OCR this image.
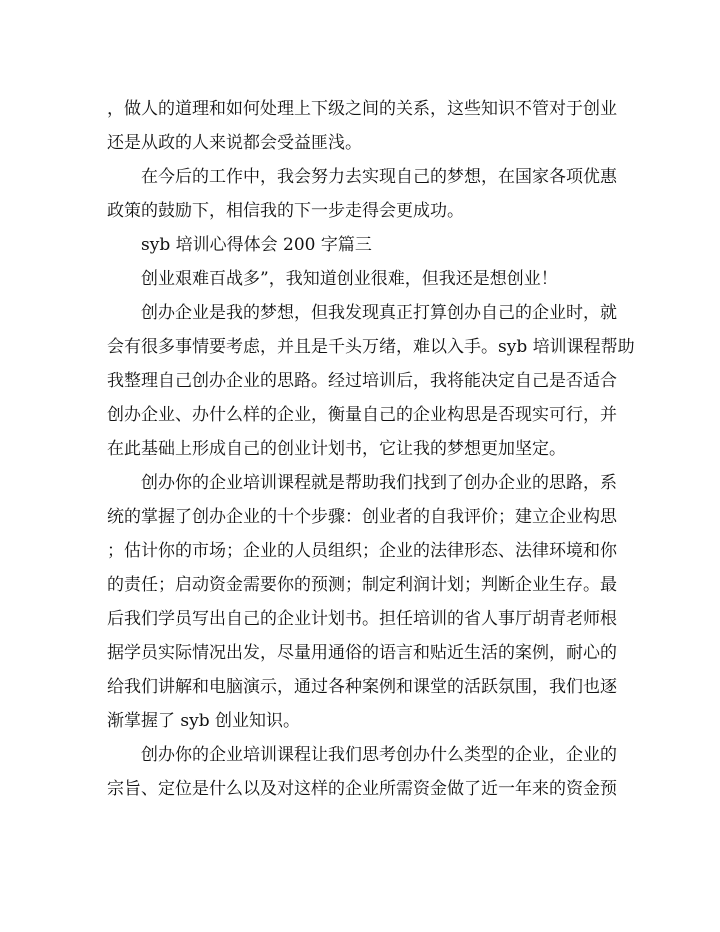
，做人的道理和如何处理上下级之间的关系，这些知识不管对于创业
还是从政的人来说都会受益匪浅。
在今后的工作中，我会努力去实现自己的梦想，在国家各项优惠
政策的鼓励下，相信我的下一步走得会更成功。
syb 培训心得体会 200 字篇三
创业艰难百战多”，我知道创业很难，但我还是想创业！
创办企业是我的梦想，但我发现真正打算创办自己的企业时，就
会有很多事情要考虑，并且是千头万绪，难以入手。syb 培训课程帮助
我整理自己创办企业的思路。经过培训后，我将能决定自己是否适合
创办企业、办什么样的企业，衡量自己的企业构思是否现实可行，并
在此基础上形成自己的创业计划书，它让我的梦想更加坚定。
创办你的企业培训课程就是帮助我们找到了创办企业的思路，系
统的掌握了创办企业的十个步骤：创业者的自我评价；建立企业构思
；估计你的市场；企业的人员组织；企业的法律形态、法律环境和你
的责任；启动资金需要你的预测；制定利润计划；判断企业生存。最
后我们学员写出自己的企业计划书。担任培训的省人事厅胡青老师根
据学员实际情况出发，尽量用通俗的语言和贴近生活的案例，耐心的
给我们讲解和电脑演示，通过各种案例和课堂的活跃氛围，我们也逐
渐掌握了 syb 创业知识。
创办你的企业培训课程让我们思考创办什么类型的企业，企业的
宗旨、定位是什么以及对这样的企业所需资金做了近一年来的资金预
